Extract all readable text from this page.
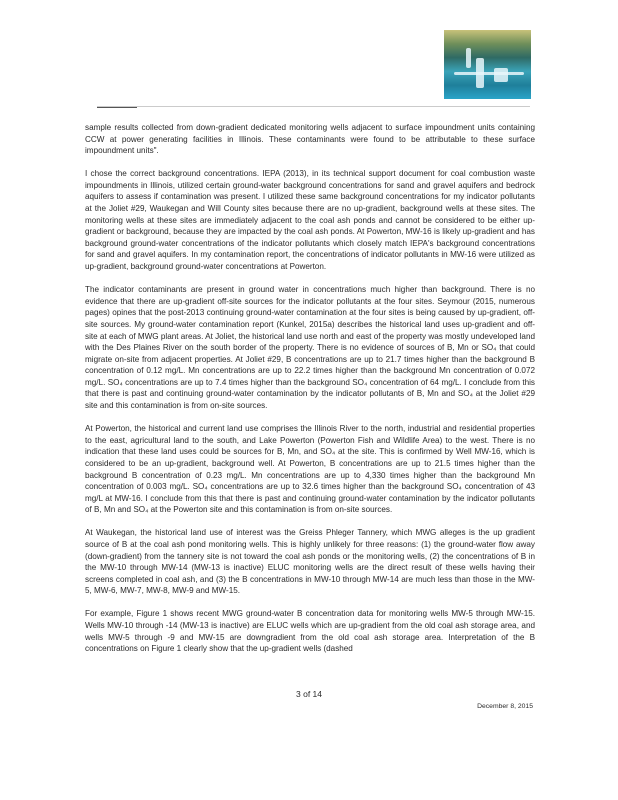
sample results collected from down-gradient dedicated monitoring wells adjacent to surface impoundment units containing CCW at power generating facilities in Illinois. These contaminants were found to be attributable to these surface impoundment units".

I chose the correct background concentrations. IEPA (2013), in its technical support document for coal combustion waste impoundments in Illinois, utilized certain ground-water background concentrations for sand and gravel aquifers and bedrock aquifers to assess if contamination was present. I utilized these same background concentrations for my indicator pollutants at the Joliet #29, Waukegan and Will County sites because there are no up-gradient, background wells at these sites. The monitoring wells at these sites are immediately adjacent to the coal ash ponds and cannot be considered to be either up-gradient or background, because they are impacted by the coal ash ponds. At Powerton, MW-16 is likely up-gradient and has background ground-water concentrations of the indicator pollutants which closely match IEPA's background concentrations for sand and gravel aquifers. In my contamination report, the concentrations of indicator pollutants in MW-16 were utilized as up-gradient, background ground-water concentrations at Powerton.

The indicator contaminants are present in ground water in concentrations much higher than background. There is no evidence that there are up-gradient off-site sources for the indicator pollutants at the four sites. Seymour (2015, numerous pages) opines that the post-2013 continuing ground-water contamination at the four sites is being caused by up-gradient, off-site sources. My ground-water contamination report (Kunkel, 2015a) describes the historical land uses up-gradient and off-site at each of MWG plant areas. At Joliet, the historical land use north and east of the property was mostly undeveloped land with the Des Plaines River on the south border of the property. There is no evidence of sources of B, Mn or SO₄ that could migrate on-site from adjacent properties. At Joliet #29, B concentrations are up to 21.7 times higher than the background B concentration of 0.12 mg/L. Mn concentrations are up to 22.2 times higher than the background Mn concentration of 0.072 mg/L. SO₄ concentrations are up to 7.4 times higher than the background SO₄ concentration of 64 mg/L. I conclude from this that there is past and continuing ground-water contamination by the indicator pollutants of B, Mn and SO₄ at the Joliet #29 site and this contamination is from on-site sources.

At Powerton, the historical and current land use comprises the Illinois River to the north, industrial and residential properties to the east, agricultural land to the south, and Lake Powerton (Powerton Fish and Wildlife Area) to the west. There is no indication that these land uses could be sources for B, Mn, and SO₄ at the site. This is confirmed by Well MW-16, which is considered to be an up-gradient, background well. At Powerton, B concentrations are up to 21.5 times higher than the background B concentration of 0.23 mg/L. Mn concentrations are up to 4,330 times higher than the background Mn concentration of 0.003 mg/L. SO₄ concentrations are up to 32.6 times higher than the background SO₄ concentration of 43 mg/L at MW-16. I conclude from this that there is past and continuing ground-water contamination by the indicator pollutants of B, Mn and SO₄ at the Powerton site and this contamination is from on-site sources.

At Waukegan, the historical land use of interest was the Greiss Phleger Tannery, which MWG alleges is the up gradient source of B at the coal ash pond monitoring wells. This is highly unlikely for three reasons: (1) the ground-water flow away (down-gradient) from the tannery site is not toward the coal ash ponds or the monitoring wells, (2) the concentrations of B in the MW-10 through MW-14 (MW-13 is inactive) ELUC monitoring wells are the direct result of these wells having their screens completed in coal ash, and (3) the B concentrations in MW-10 through MW-14 are much less than those in the MW-5, MW-6, MW-7, MW-8, MW-9 and MW-15.

For example, Figure 1 shows recent MWG ground-water B concentration data for monitoring wells MW-5 through MW-15. Wells MW-10 through -14 (MW-13 is inactive) are ELUC wells which are up-gradient from the old coal ash storage area, and wells MW-5 through -9 and MW-15 are downgradient from the old coal ash storage area. Interpretation of the B concentrations on Figure 1 clearly show that the up-gradient wells (dashed

3 of 14
December 8, 2015
